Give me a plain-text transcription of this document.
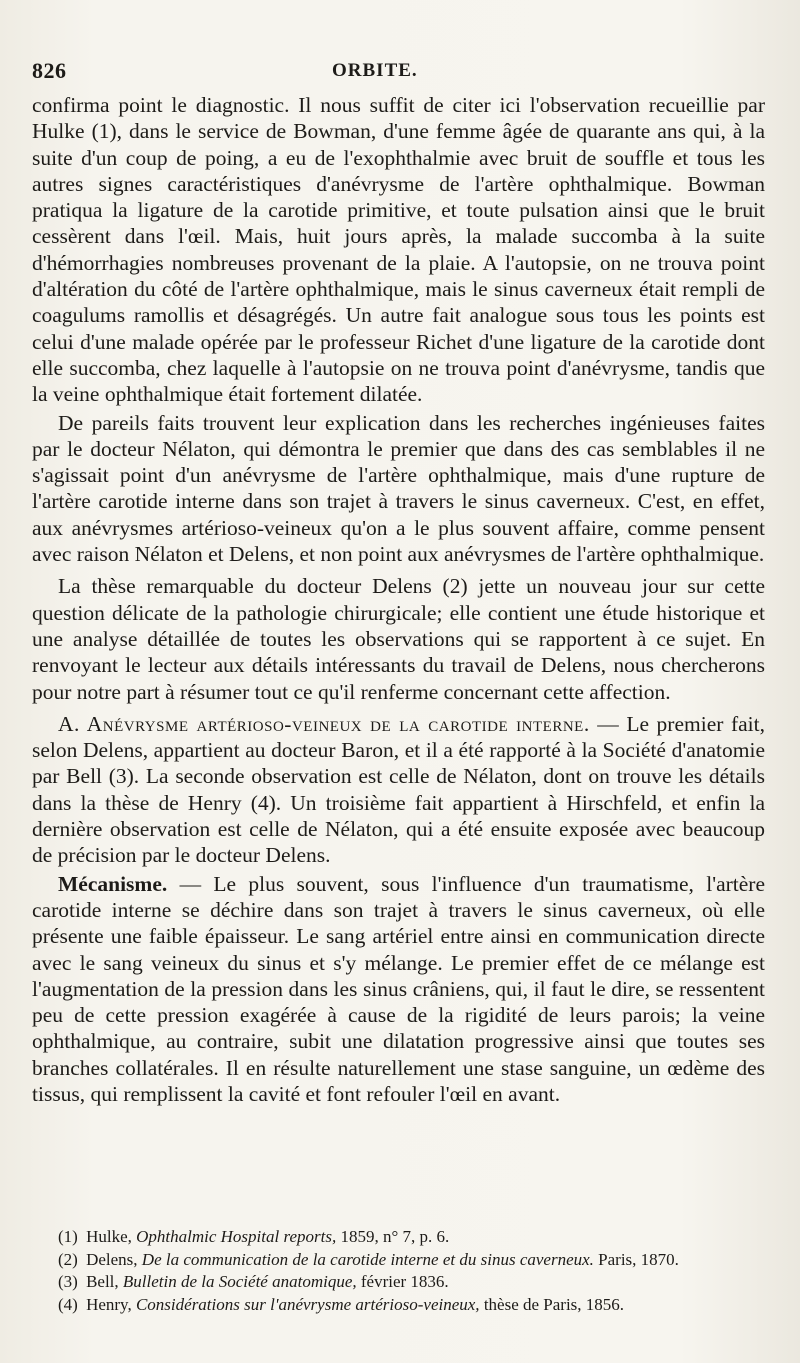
826	ORBITE.

confirma point le diagnostic. Il nous suffit de citer ici l'observation recueillie par Hulke (1), dans le service de Bowman, d'une femme âgée de quarante ans qui, à la suite d'un coup de poing, a eu de l'exophthalmie avec bruit de souffle et tous les autres signes caractéristiques d'anévrysme de l'artère ophthalmique. Bowman pratiqua la ligature de la carotide primitive, et toute pulsation ainsi que le bruit cessèrent dans l'œil. Mais, huit jours après, la malade succomba à la suite d'hémorrhagies nombreuses provenant de la plaie. A l'autopsie, on ne trouva point d'altération du côté de l'artère ophthalmique, mais le sinus caverneux était rempli de coagulums ramollis et désagrégés. Un autre fait analogue sous tous les points est celui d'une malade opérée par le professeur Richet d'une ligature de la carotide dont elle succomba, chez laquelle à l'autopsie on ne trouva point d'anévrysme, tandis que la veine ophthalmique était fortement dilatée.

De pareils faits trouvent leur explication dans les recherches ingénieuses faites par le docteur Nélaton, qui démontra le premier que dans des cas semblables il ne s'agissait point d'un anévrysme de l'artère ophthalmique, mais d'une rupture de l'artère carotide interne dans son trajet à travers le sinus caverneux. C'est, en effet, aux anévrysmes artérioso-veineux qu'on a le plus souvent affaire, comme pensent avec raison Nélaton et Delens, et non point aux anévrysmes de l'artère ophthalmique.

La thèse remarquable du docteur Delens (2) jette un nouveau jour sur cette question délicate de la pathologie chirurgicale; elle contient une étude historique et une analyse détaillée de toutes les observations qui se rapportent à ce sujet. En renvoyant le lecteur aux détails intéressants du travail de Delens, nous chercherons pour notre part à résumer tout ce qu'il renferme concernant cette affection.

A. Anévrysme artérioso-veineux de la carotide interne. — Le premier fait, selon Delens, appartient au docteur Baron, et il a été rapporté à la Société d'anatomie par Bell (3). La seconde observation est celle de Nélaton, dont on trouve les détails dans la thèse de Henry (4). Un troisième fait appartient à Hirschfeld, et enfin la dernière observation est celle de Nélaton, qui a été ensuite exposée avec beaucoup de précision par le docteur Delens.

Mécanisme. — Le plus souvent, sous l'influence d'un traumatisme, l'artère carotide interne se déchire dans son trajet à travers le sinus caverneux, où elle présente une faible épaisseur. Le sang artériel entre ainsi en communication directe avec le sang veineux du sinus et s'y mélange. Le premier effet de ce mélange est l'augmentation de la pression dans les sinus crâniens, qui, il faut le dire, se ressentent peu de cette pression exagérée à cause de la rigidité de leurs parois; la veine ophthalmique, au contraire, subit une dilatation progressive ainsi que toutes ses branches collatérales. Il en résulte naturellement une stase sanguine, un œdème des tissus, qui remplissent la cavité et font refouler l'œil en avant.

(1) Hulke, Ophthalmic Hospital reports, 1859, n° 7, p. 6.

(2) Delens, De la communication de la carotide interne et du sinus caverneux. Paris, 1870.

(3) Bell, Bulletin de la Société anatomique, février 1836.

(4) Henry, Considérations sur l'anévrysme artérioso-veineux, thèse de Paris, 1856.
